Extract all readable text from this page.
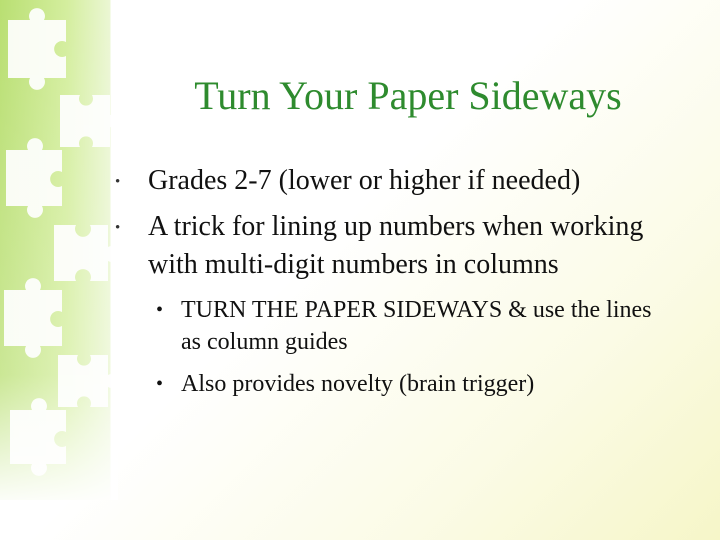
Turn Your Paper Sideways
• Grades 2-7 (lower or higher if needed)
• A trick for lining up numbers when working with multi-digit numbers in columns
• TURN THE PAPER SIDEWAYS & use the lines as column guides
• Also provides novelty (brain trigger)
